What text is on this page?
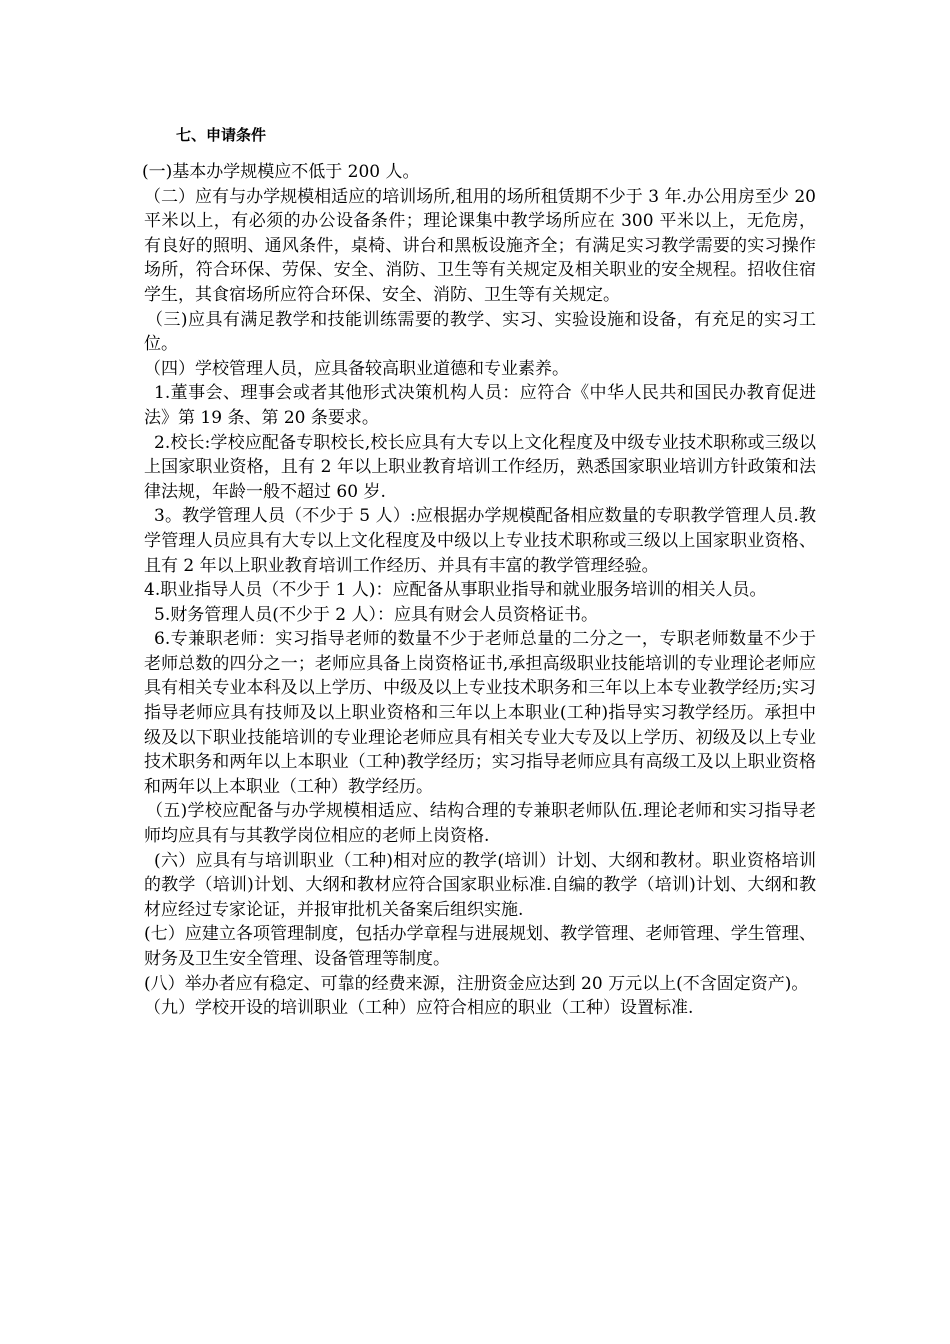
七、申请条件

(一)基本办学规模应不低于 200 人。

（二）应有与办学规模相适应的培训场所,租用的场所租赁期不少于 3 年.办公用房至少 20 平米以上，有必须的办公设备条件；理论课集中教学场所应在 300 平米以上，无危房，有良好的照明、通风条件，桌椅、讲台和黑板设施齐全；有满足实习教学需要的实习操作场所，符合环保、劳保、安全、消防、卫生等有关规定及相关职业的安全规程。招收住宿学生，其食宿场所应符合环保、安全、消防、卫生等有关规定。

（三)应具有满足教学和技能训练需要的教学、实习、实验设施和设备，有充足的实习工位。

（四）学校管理人员，应具备较高职业道德和专业素养。

1.董事会、理事会或者其他形式决策机构人员：应符合《中华人民共和国民办教育促进法》第 19 条、第 20 条要求。

2.校长:学校应配备专职校长,校长应具有大专以上文化程度及中级专业技术职称或三级以上国家职业资格，且有 2 年以上职业教育培训工作经历，熟悉国家职业培训方针政策和法律法规，年龄一般不超过 60 岁.

3。教学管理人员（不少于 5 人）:应根据办学规模配备相应数量的专职教学管理人员.教学管理人员应具有大专以上文化程度及中级以上专业技术职称或三级以上国家职业资格、且有 2 年以上职业教育培训工作经历、并具有丰富的教学管理经验。

4.职业指导人员（不少于 1 人)：应配备从事职业指导和就业服务培训的相关人员。

5.财务管理人员(不少于 2 人）：应具有财会人员资格证书。

6.专兼职老师：实习指导老师的数量不少于老师总量的二分之一，专职老师数量不少于老师总数的四分之一；老师应具备上岗资格证书,承担高级职业技能培训的专业理论老师应具有相关专业本科及以上学历、中级及以上专业技术职务和三年以上本专业教学经历;实习指导老师应具有技师及以上职业资格和三年以上本职业(工种)指导实习教学经历。承担中级及以下职业技能培训的专业理论老师应具有相关专业大专及以上学历、初级及以上专业技术职务和两年以上本职业（工种)教学经历；实习指导老师应具有高级工及以上职业资格和两年以上本职业（工种）教学经历。

（五)学校应配备与办学规模相适应、结构合理的专兼职老师队伍.理论老师和实习指导老师均应具有与其教学岗位相应的老师上岗资格.

(六）应具有与培训职业（工种)相对应的教学(培训）计划、大纲和教材。职业资格培训的教学（培训)计划、大纲和教材应符合国家职业标准.自编的教学（培训)计划、大纲和教材应经过专家论证，并报审批机关备案后组织实施.

(七）应建立各项管理制度，包括办学章程与进展规划、教学管理、老师管理、学生管理、财务及卫生安全管理、设备管理等制度。

(八）举办者应有稳定、可靠的经费来源，注册资金应达到 20 万元以上(不含固定资产)。

（九）学校开设的培训职业（工种）应符合相应的职业（工种）设置标准.
